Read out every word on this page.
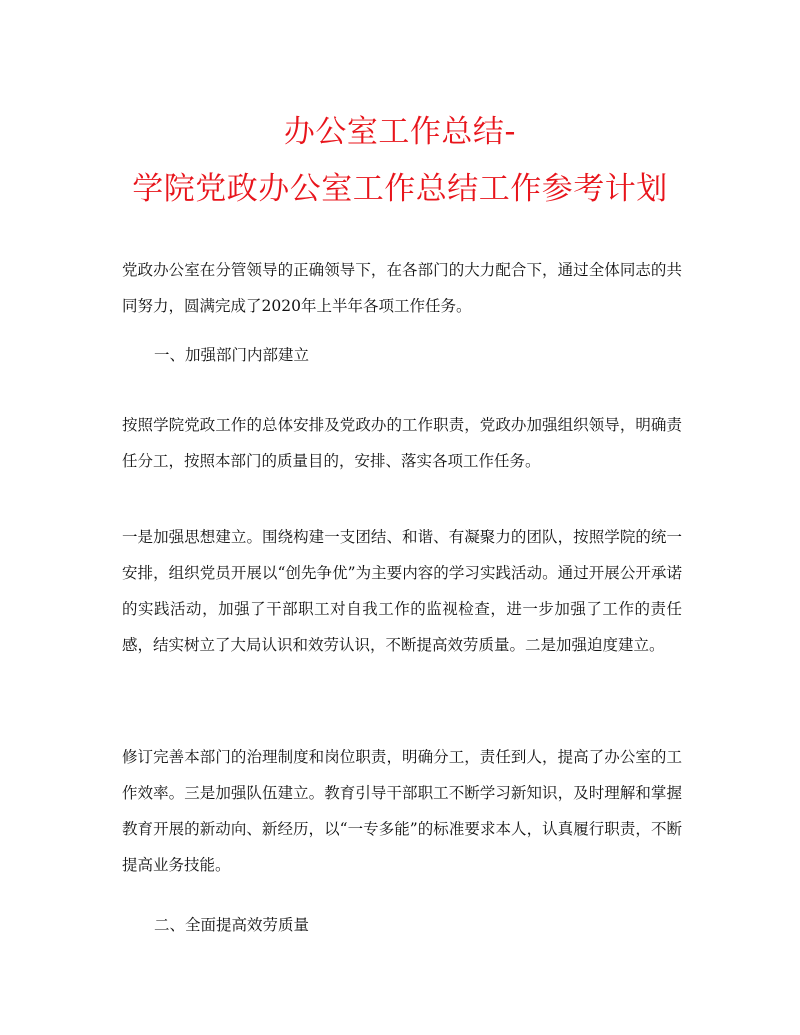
办公室工作总结-
学院党政办公室工作总结工作参考计划
党政办公室在分管领导的正确领导下，在各部门的大力配合下，通过全体同志的共同努力，圆满完成了2020年上半年各项工作任务。
一、加强部门内部建立
按照学院党政工作的总体安排及党政办的工作职责，党政办加强组织领导，明确责任分工，按照本部门的质量目的，安排、落实各项工作任务。
一是加强思想建立。围绕构建一支团结、和谐、有凝聚力的团队，按照学院的统一安排，组织党员开展以“创先争优”为主要内容的学习实践活动。通过开展公开承诺的实践活动，加强了干部职工对自我工作的监视检查，进一步加强了工作的责任感，结实树立了大局认识和效劳认识，不断提高效劳质量。二是加强迫度建立。
修订完善本部门的治理制度和岗位职责，明确分工，责任到人，提高了办公室的工作效率。三是加强队伍建立。教育引导干部职工不断学习新知识，及时理解和掌握教育开展的新动向、新经历，以“一专多能”的标准要求本人，认真履行职责，不断提高业务技能。
二、全面提高效劳质量
